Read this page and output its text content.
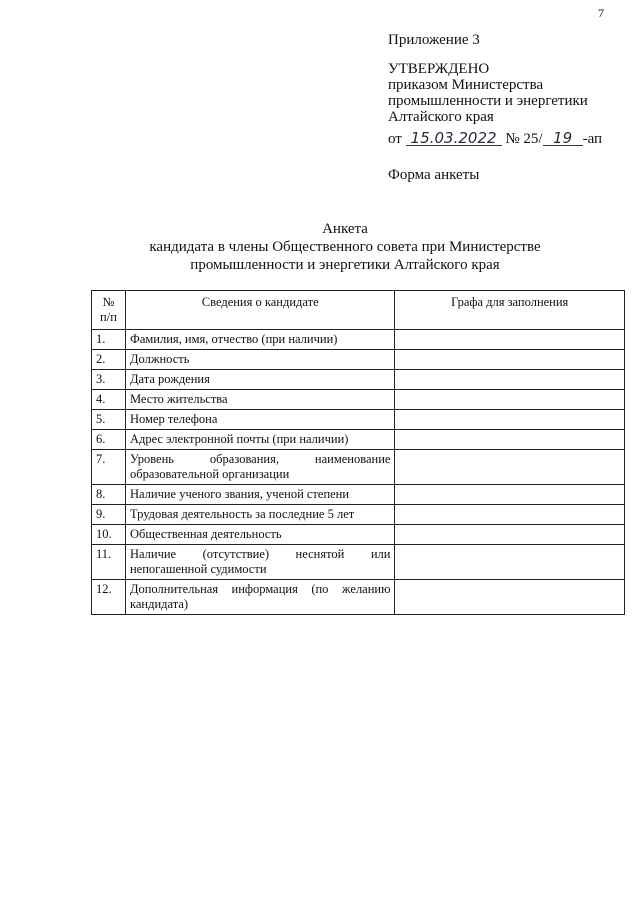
7
Приложение 3
УТВЕРЖДЕНО
приказом Министерства
промышленности и энергетики
Алтайского края
от 15.03.2022 № 25/ 19 -ап
Форма анкеты
Анкета
кандидата в члены Общественного совета при Министерстве
промышленности и энергетики Алтайского края
№ п/п	Сведения о кандидате	Графа для заполнения
1.	Фамилия, имя, отчество (при наличии)	
2.	Должность	
3.	Дата рождения	
4.	Место жительства	
5.	Номер телефона	
6.	Адрес электронной почты (при наличии)	
7.	Уровень образования, наименование образовательной организации	
8.	Наличие ученого звания, ученой степени	
9.	Трудовая деятельность за последние 5 лет	
10.	Общественная деятельность	
11.	Наличие (отсутствие) неснятой или непогашенной судимости	
12.	Дополнительная информация (по желанию кандидата)	
